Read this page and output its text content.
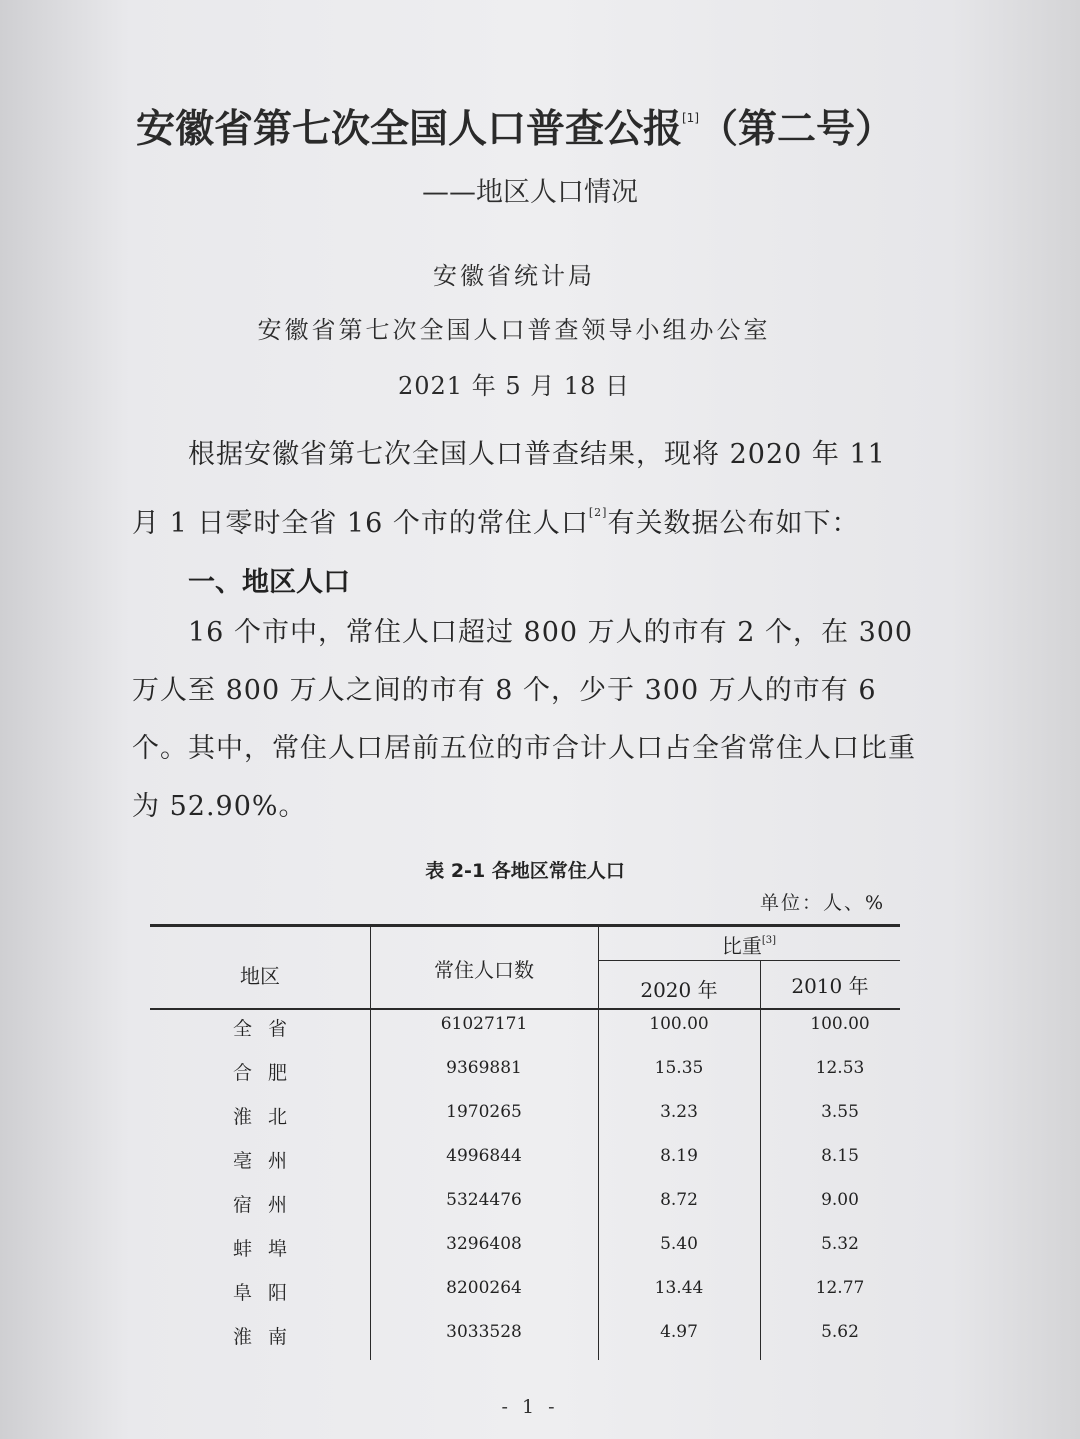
安徽省第七次全国人口普查公报[1]（第二号）
——地区人口情况
安徽省统计局
安徽省第七次全国人口普查领导小组办公室
2021 年 5 月 18 日
根据安徽省第七次全国人口普查结果，现将 2020 年 11 月 1 日零时全省 16 个市的常住人口[2]有关数据公布如下：
一、地区人口
16 个市中，常住人口超过 800 万人的市有 2 个，在 300 万人至 800 万人之间的市有 8 个，少于 300 万人的市有 6 个。其中，常住人口居前五位的市合计人口占全省常住人口比重为 52.90%。
表 2-1 各地区常住人口
单位：人、%
地区	常住人口数
比重[3]
2020 年	2010 年
全省	61027171	100.00	100.00
合肥	9369881	15.35	12.53
淮北	1970265	3.23	3.55
亳州	4996844	8.19	8.15
宿州	5324476	8.72	9.00
蚌埠	3296408	5.40	5.32
阜阳	8200264	13.44	12.77
淮南	3033528	4.97	5.62
- 1 -
